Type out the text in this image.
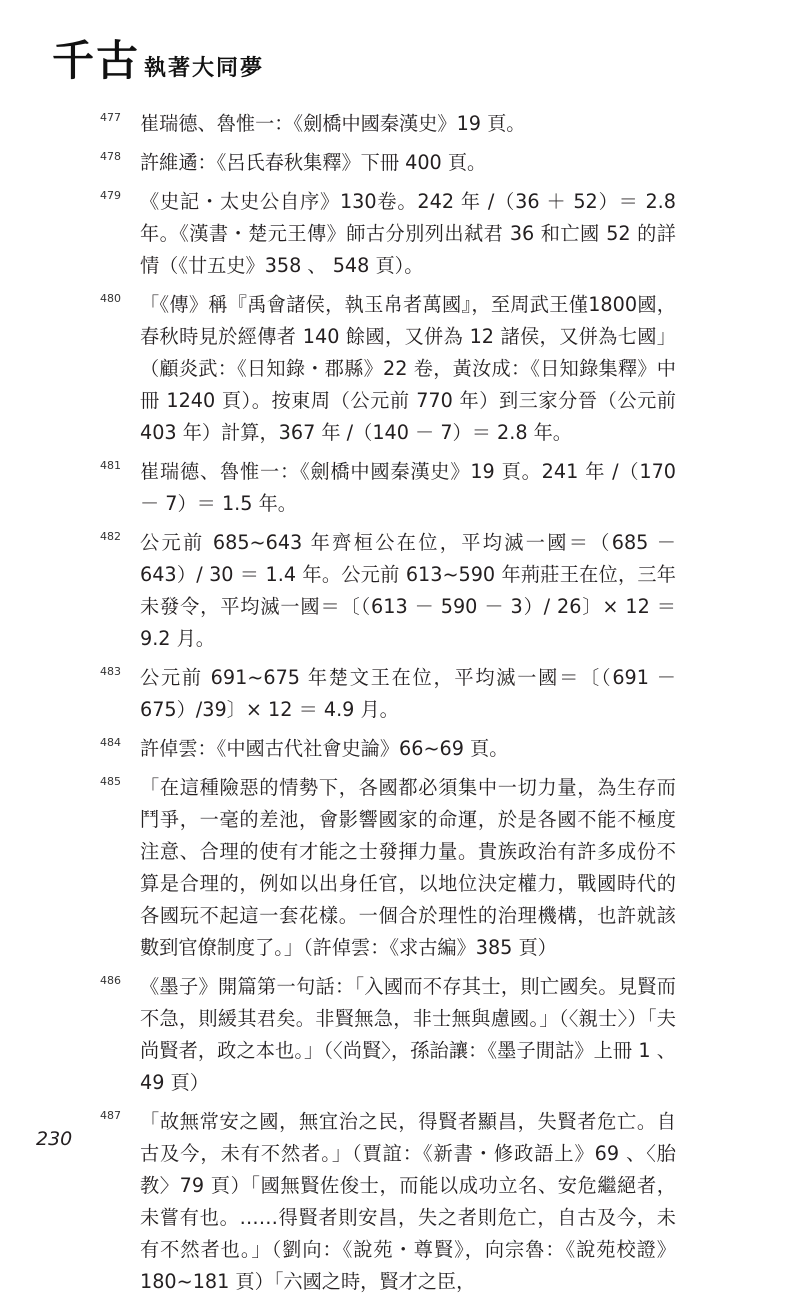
千古 執著大同夢
477 崔瑞德、魯惟一：《劍橋中國秦漢史》19 頁。
478 許維遹：《呂氏春秋集釋》下冊 400 頁。
479 《史記・太史公自序》130卷。242 年 /（36 ＋ 52）＝ 2.8 年。《漢書・楚元王傳》師古分別列出弒君 36 和亡國 52 的詳情（《廿五史》358 、 548 頁）。
480 「《傳》稱『禹會諸侯，執玉帛者萬國』，至周武王僅1800國，春秋時見於經傳者 140 餘國，又併為 12 諸侯，又併為七國」（顧炎武：《日知錄・郡縣》22 卷，黃汝成：《日知錄集釋》中冊 1240 頁）。按東周（公元前 770 年）到三家分晉（公元前 403 年）計算，367 年 /（140 － 7）＝ 2.8 年。
481 崔瑞德、魯惟一：《劍橋中國秦漢史》19 頁。241 年 /（170 － 7）＝ 1.5 年。
482 公元前 685~643 年齊桓公在位，平均滅一國＝（685 － 643）/ 30 ＝ 1.4 年。公元前 613~590 年荊莊王在位，三年未發令，平均滅一國＝〔（613 － 590 － 3）/ 26〕× 12 ＝ 9.2 月。
483 公元前 691~675 年楚文王在位，平均滅一國＝〔（691 － 675）/39〕× 12 ＝ 4.9 月。
484 許倬雲：《中國古代社會史論》66~69 頁。
485 「在這種險惡的情勢下，各國都必須集中一切力量，為生存而鬥爭，一毫的差池，會影響國家的命運，於是各國不能不極度注意、合理的使有才能之士發揮力量。貴族政治有許多成份不算是合理的，例如以出身任官，以地位決定權力，戰國時代的各國玩不起這一套花樣。一個合於理性的治理機構，也許就該數到官僚制度了。」（許倬雲：《求古編》385 頁）
486 《墨子》開篇第一句話：「入國而不存其士，則亡國矣。見賢而不急，則緩其君矣。非賢無急，非士無與慮國。」（〈親士〉）「夫尚賢者，政之本也。」（〈尚賢〉，孫詒讓：《墨子閒詁》上冊 1 、 49 頁）
487 「故無常安之國，無宜治之民，得賢者顯昌，失賢者危亡。自古及今，未有不然者。」（賈誼：《新書・修政語上》69 、〈胎教〉79 頁）「國無賢佐俊士，而能以成功立名、安危繼絕者，未嘗有也。……得賢者則安昌，失之者則危亡，自古及今，未有不然者也。」（劉向：《說苑・尊賢》，向宗魯：《說苑校證》180~181 頁）「六國之時，賢才之臣，
230
